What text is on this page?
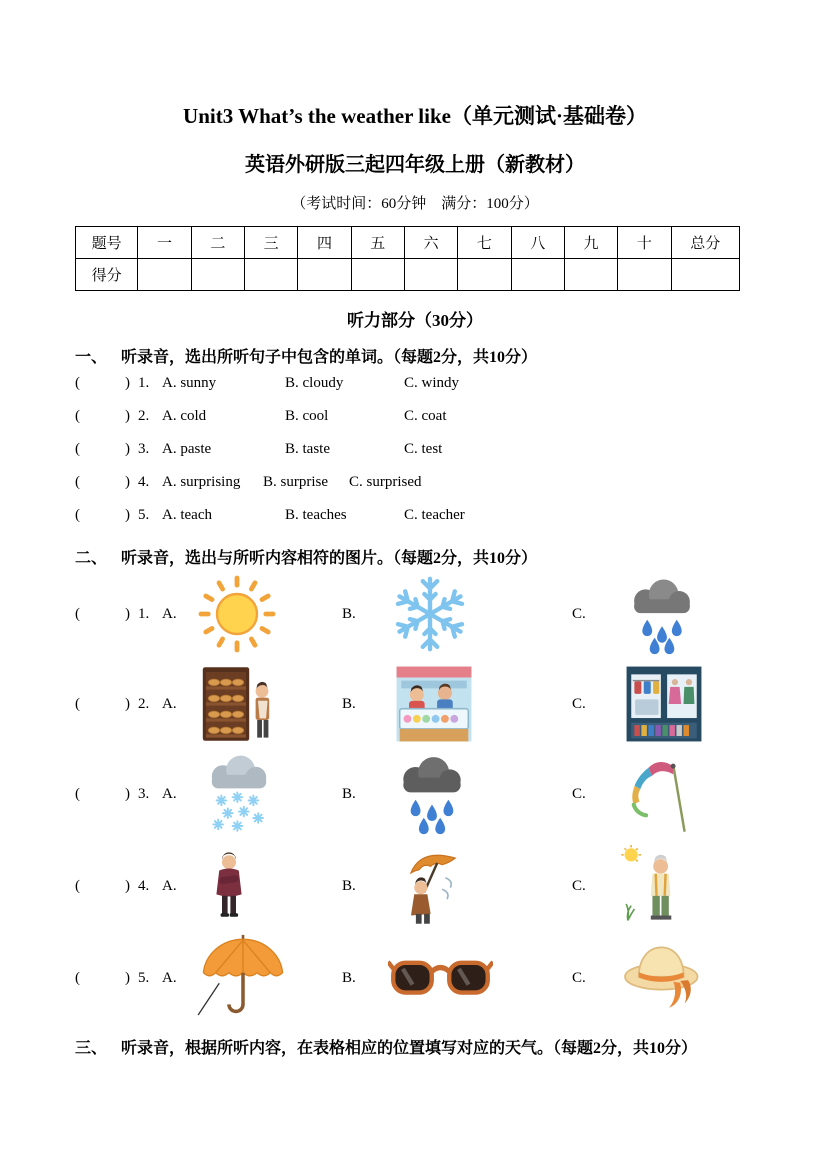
Unit3 What’s the weather like（单元测试·基础卷）
英语外研版三起四年级上册（新教材）
（考试时间：60分钟　满分：100分）
题号	一	二	三	四	五	六	七	八	九	十	总分
得分											
听力部分（30分）
一、 听录音，选出所听句子中包含的单词。（每题2分，共10分）
(            ) 1. A. sunny	B. cloudy	C. windy
(            ) 2. A. cold	B. cool	C. coat
(            ) 3. A. paste	B. taste	C. test
(            ) 4. A. surprising	B. surprise	C. surprised
(            ) 5. A. teach	B. teaches	C. teacher
二、 听录音，选出与所听内容相符的图片。（每题2分，共10分）
(            ) 1. A.	B.	C.
(            ) 2. A.	B.	C.
(            ) 3. A.	B.	C.
(            ) 4. A.	B.	C.
(            ) 5. A.	B.	C.
三、 听录音，根据所听内容，在表格相应的位置填写对应的天气。（每题2分，共10分）
